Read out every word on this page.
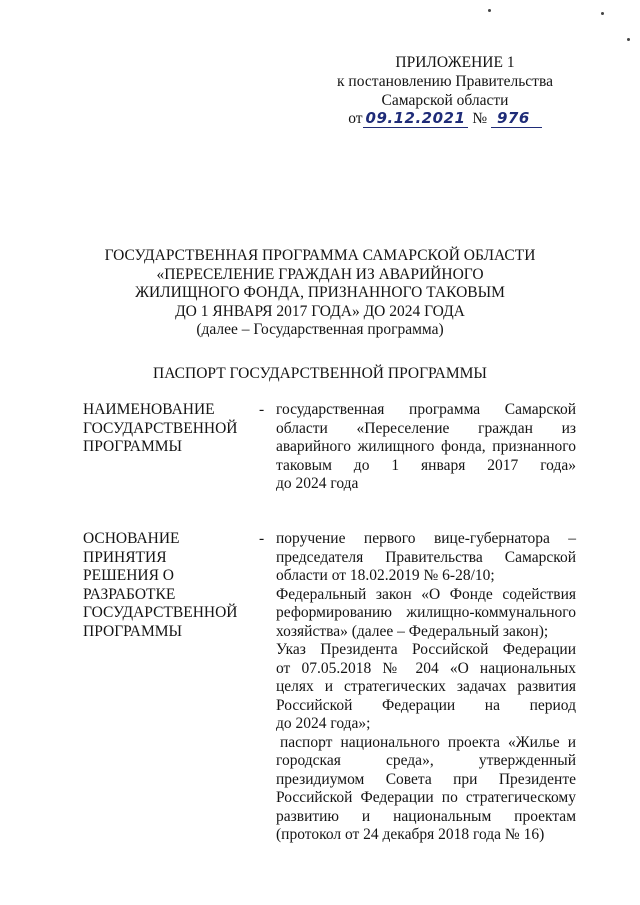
ПРИЛОЖЕНИЕ 1
к постановлению Правительства
Самарской области
от 09.12.2021 № 976
ГОСУДАРСТВЕННАЯ ПРОГРАММА САМАРСКОЙ ОБЛАСТИ
«ПЕРЕСЕЛЕНИЕ ГРАЖДАН ИЗ АВАРИЙНОГО
ЖИЛИЩНОГО ФОНДА, ПРИЗНАННОГО ТАКОВЫМ
ДО 1 ЯНВАРЯ 2017 ГОДА» ДО 2024 ГОДА
(далее – Государственная программа)
ПАСПОРТ ГОСУДАРСТВЕННОЙ ПРОГРАММЫ
НАИМЕНОВАНИЕ
ГОСУДАРСТВЕННОЙ
ПРОГРАММЫ
- государственная программа Самарской
области «Переселение граждан из
аварийного жилищного фонда, признанного
таковым до 1 января 2017 года»
до 2024 года
ОСНОВАНИЕ
ПРИНЯТИЯ
РЕШЕНИЯ О
РАЗРАБОТКЕ
ГОСУДАРСТВЕННОЙ
ПРОГРАММЫ
- поручение первого вице-губернатора –
председателя Правительства Самарской
области от 18.02.2019 № 6-28/10;
Федеральный закон «О Фонде содействия
реформированию жилищно-коммунального
хозяйства» (далее – Федеральный закон);
Указ Президента Российской Федерации
от 07.05.2018 № 204 «О национальных
целях и стратегических задачах развития
Российской Федерации на период
до 2024 года»;
паспорт национального проекта «Жилье и
городская среда», утвержденный
президиумом Совета при Президенте
Российской Федерации по стратегическому
развитию и национальным проектам
(протокол от 24 декабря 2018 года № 16)
